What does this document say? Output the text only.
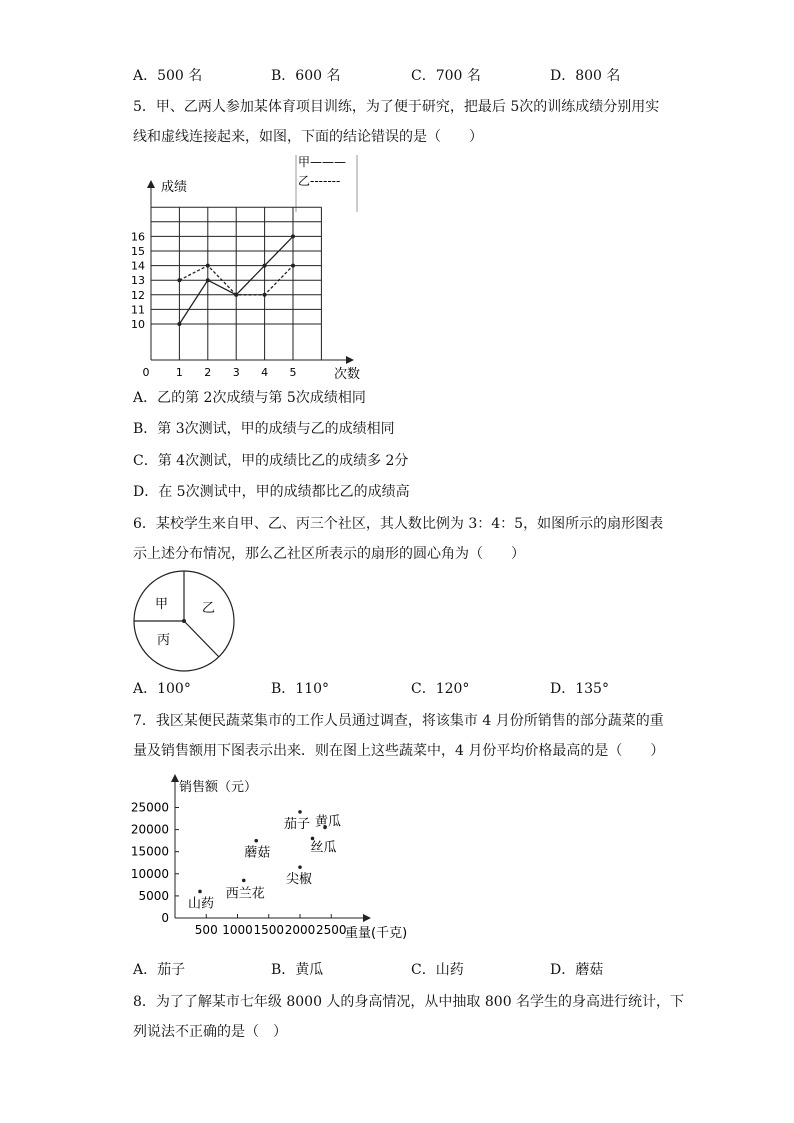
A．500 名	B．600 名	C．700 名	D．800 名
5．甲、乙两人参加某体育项目训练，为了便于研究，把最后 5次的训练成绩分别用实
线和虚线连接起来，如图，下面的结论错误的是（　　）
甲———
乙-------
成绩
次数
10
11
12
13
14
15
16
0 1 2 3 4 5
A．乙的第 2次成绩与第 5次成绩相同
B．第 3次测试，甲的成绩与乙的成绩相同
C．第 4次测试，甲的成绩比乙的成绩多 2分
D．在 5次测试中，甲的成绩都比乙的成绩高
6．某校学生来自甲、乙、丙三个社区，其人数比例为 3：4：5，如图所示的扇形图表
示上述分布情况，那么乙社区所表示的扇形的圆心角为（　　）
甲	乙
丙
A．100°	B．110°	C．120°	D．135°
7．我区某便民蔬菜集市的工作人员通过调查，将该集市 4 月份所销售的部分蔬菜的重
量及销售额用下图表示出来．则在图上这些蔬菜中，4 月份平均价格最高的是（　　）
销售额（元）
重量(千克)
0
5000
10000
15000
20000
25000
500 1000 1500 2000 2500
山药
西兰花
蘑菇
尖椒
丝瓜
茄子 黄瓜
A．茄子	B．黄瓜	C．山药	D．蘑菇
8．为了了解某市七年级 8000 人的身高情况，从中抽取 800 名学生的身高进行统计，下
列说法不正确的是（　）
